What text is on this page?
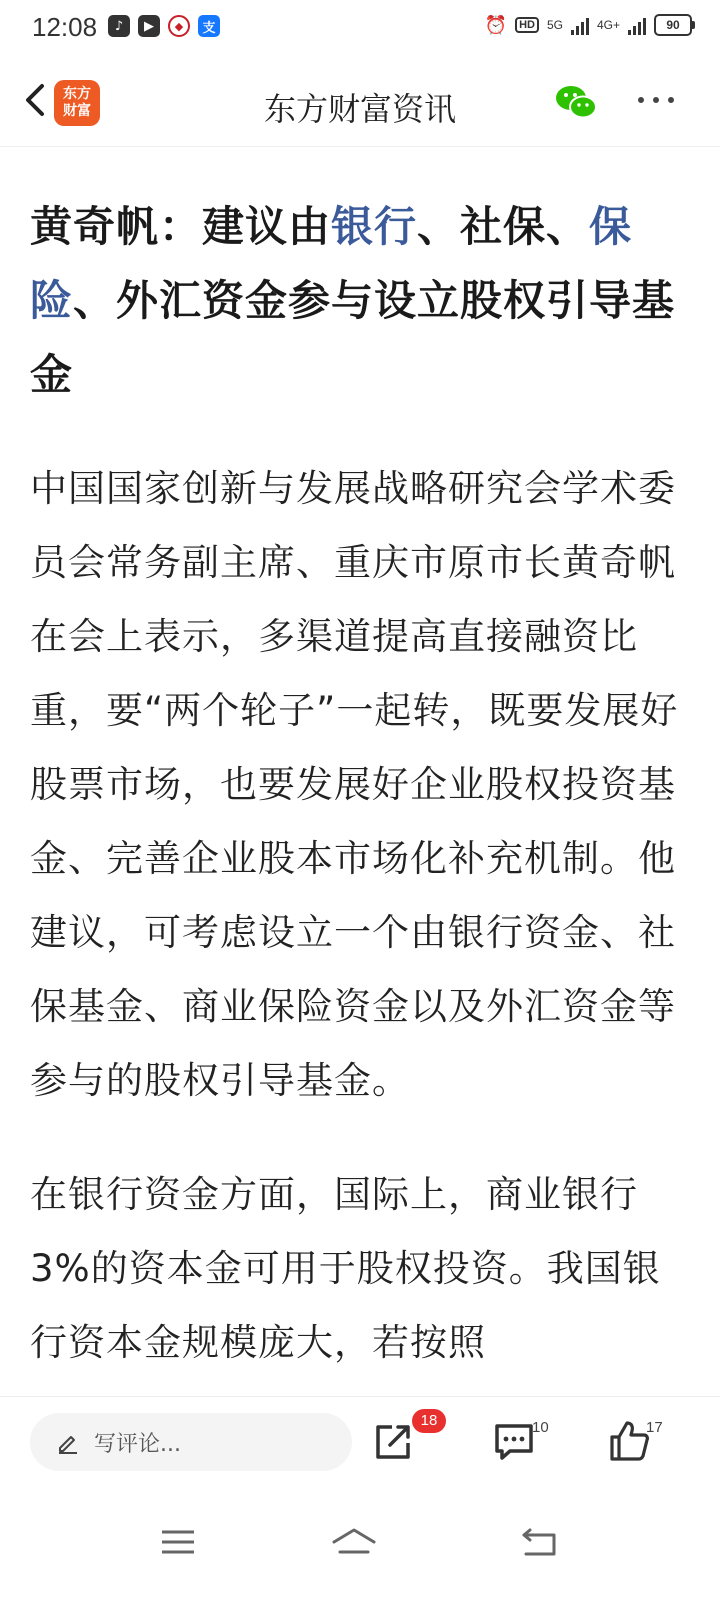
12:08	♪	▶	◆	支	⏰	HD	5G	4G+	90
东方
财富	东方财富资讯
黄奇帆：建议由银行、社保、保险、外汇资金参与设立股权引导基金

中国国家创新与发展战略研究会学术委员会常务副主席、重庆市原市长黄奇帆在会上表示，多渠道提高直接融资比重，要“两个轮子”一起转，既要发展好股票市场，也要发展好企业股权投资基金、完善企业股本市场化补充机制。他建议，可考虑设立一个由银行资金、社保基金、商业保险资金以及外汇资金等参与的股权引导基金。

在银行资金方面，国际上，商业银行3%的资本金可用于股权投资。我国银行资本金规模庞大，若按照

写评论...
18	10	17
